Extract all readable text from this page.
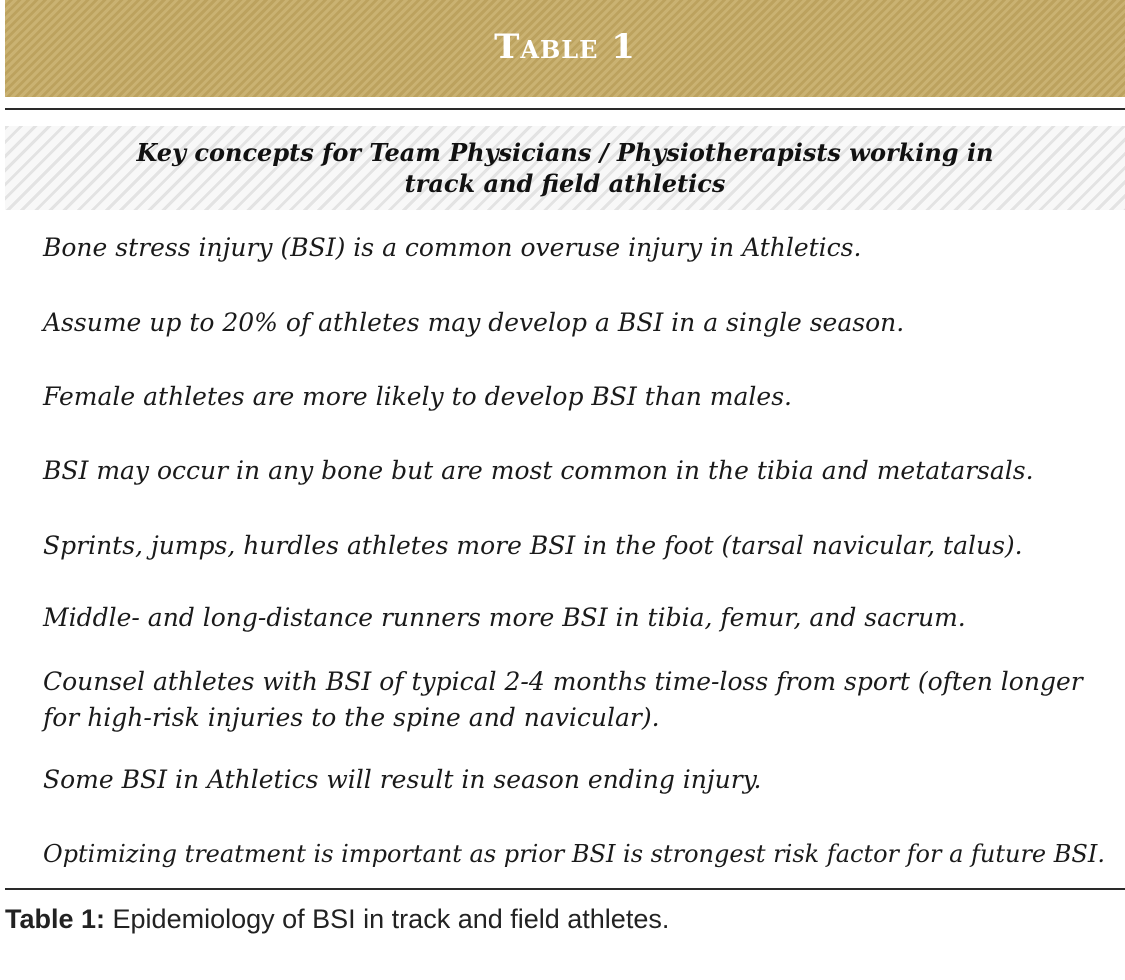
Table 1
Key concepts for Team Physicians / Physiotherapists working in
track and field athletics
Bone stress injury (BSI) is a common overuse injury in Athletics.
Assume up to 20% of athletes may develop a BSI in a single season.
Female athletes are more likely to develop BSI than males.
BSI may occur in any bone but are most common in the tibia and metatarsals.
Sprints, jumps, hurdles athletes more BSI in the foot (tarsal navicular, talus).
Middle- and long-distance runners more BSI in tibia, femur, and sacrum.
Counsel athletes with BSI of typical 2-4 months time-loss from sport (often longer for high-risk injuries to the spine and navicular).
Some BSI in Athletics will result in season ending injury.
Optimizing treatment is important as prior BSI is strongest risk factor for a future BSI.
Table 1: Epidemiology of BSI in track and field athletes.
